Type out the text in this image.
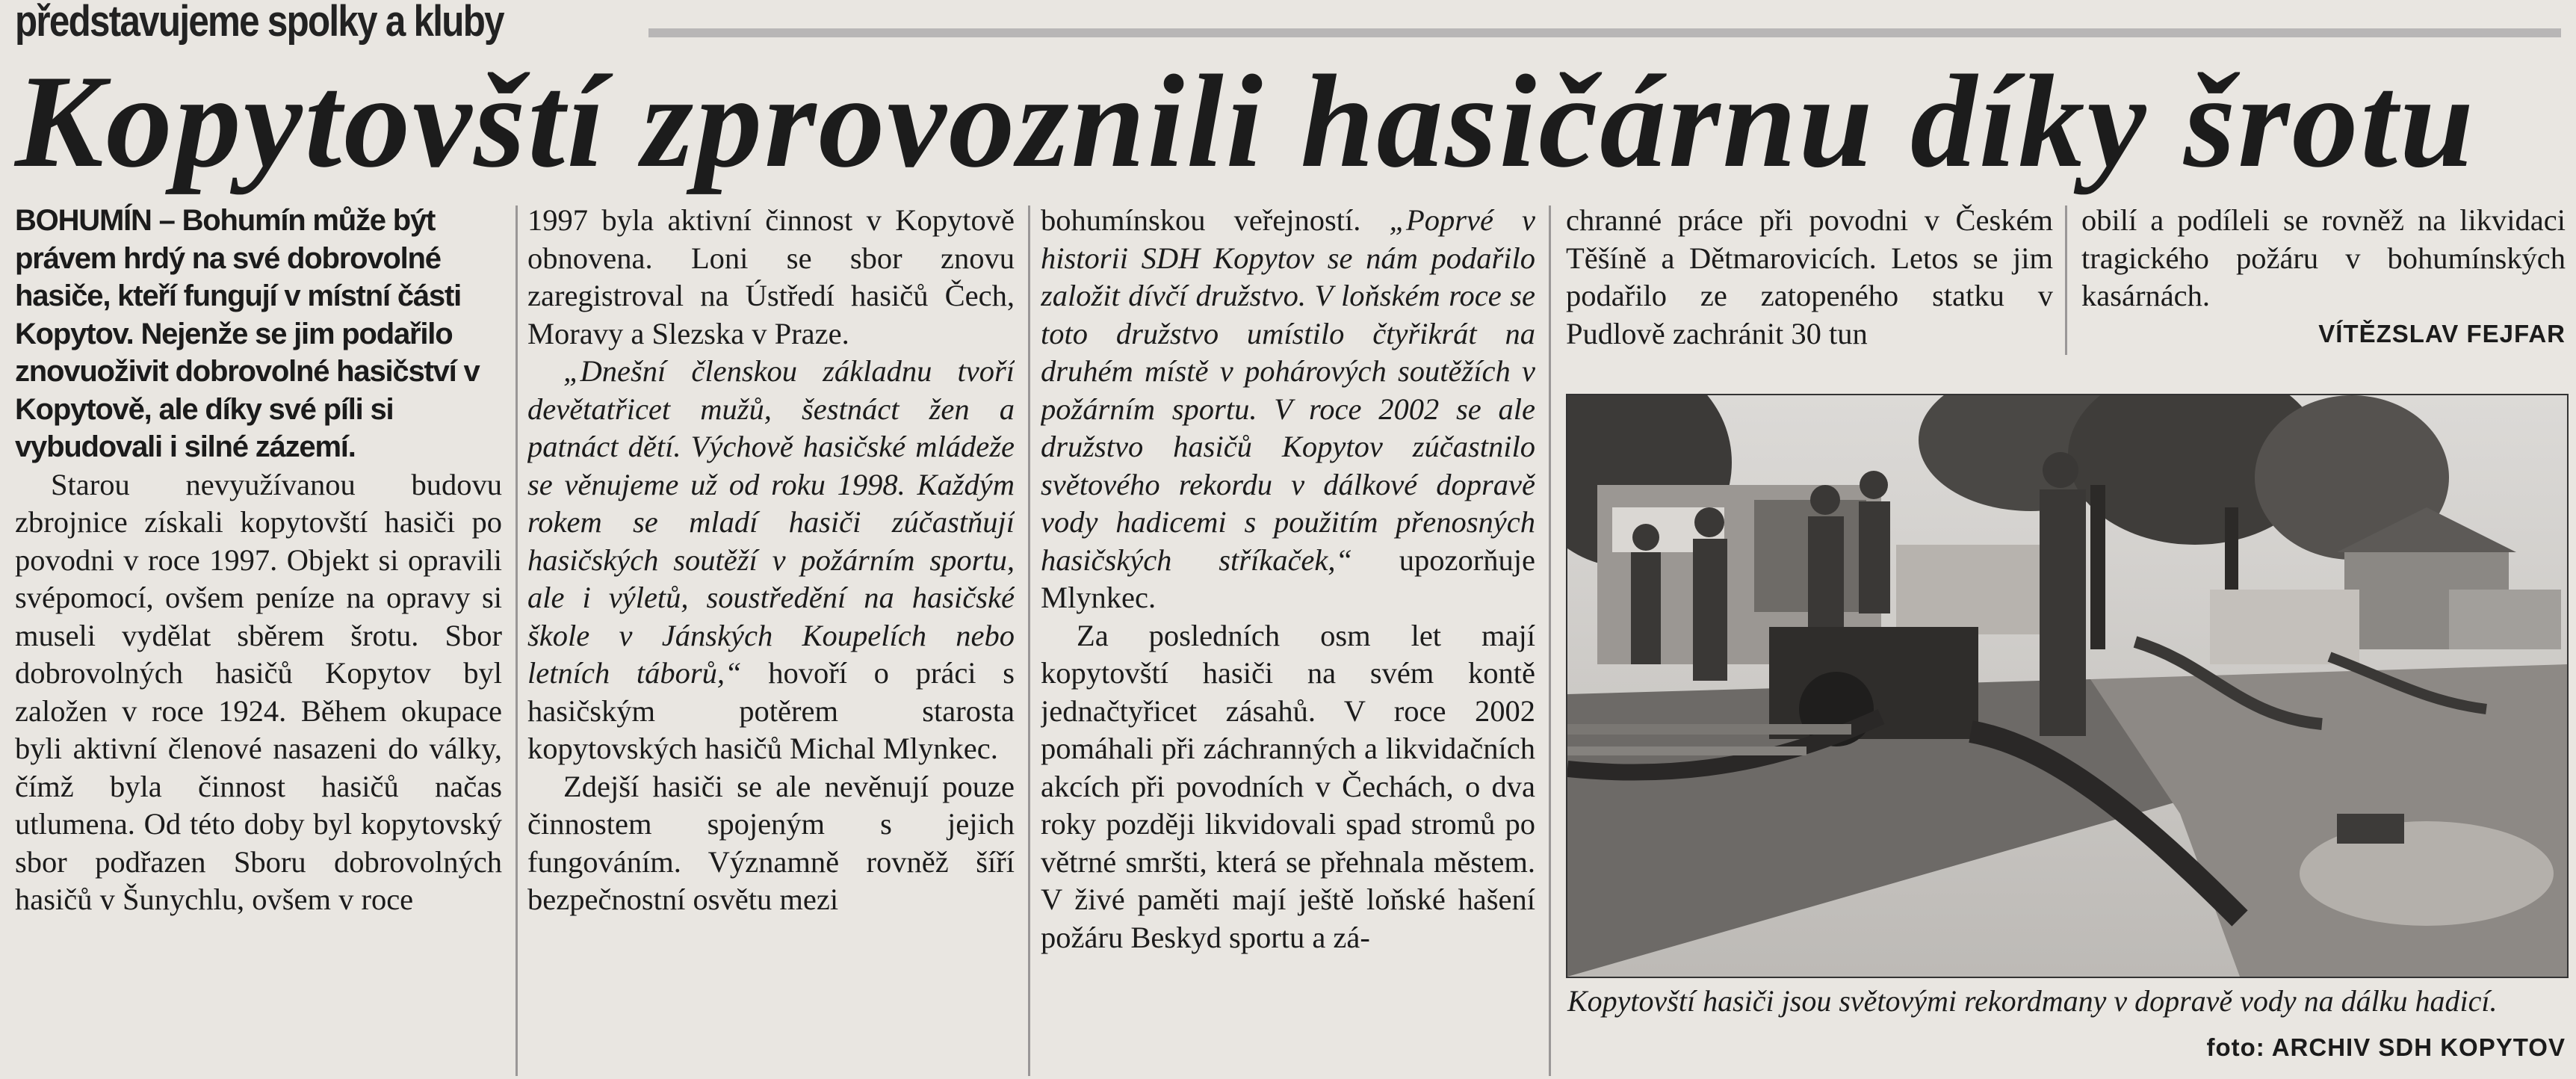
představujeme spolky a kluby
Kopytovští zprovoznili hasičárnu díky šrotu

BOHUMÍN – Bohumín může být právem hrdý na své dobrovolné hasiče, kteří fungují v místní části Kopytov. Nejenže se jim podařilo znovuoživit dobrovolné hasičství v Kopytově, ale díky své píli si vybudovali i silné zázemí.

Starou nevyužívanou budovu zbrojnice získali kopytovští hasiči po povodni v roce 1997. Objekt si opravili svépomocí, ovšem peníze na opravy si museli vydělat sběrem šrotu. Sbor dobrovolných hasičů Kopytov byl založen v roce 1924. Během okupace byli aktivní členové nasazeni do války, čímž byla činnost hasičů načas utlumena. Od této doby byl kopytovský sbor podřazen Sboru dobrovolných hasičů v Šunychlu, ovšem v roce

1997 byla aktivní činnost v Kopytově obnovena. Loni se sbor znovu zaregistroval na Ústředí hasičů Čech, Moravy a Slezska v Praze.

„Dnešní členskou základnu tvoří devětatřicet mužů, šestnáct žen a patnáct dětí. Výchově hasičské mládeže se věnujeme už od roku 1998. Každým rokem se mladí hasiči zúčastňují hasičských soutěží v požárním sportu, ale i výletů, soustředění na hasičské škole v Jánských Koupelích nebo letních táborů,“ hovoří o práci s hasičským potěrem starosta kopytovských hasičů Michal Mlynkec.

Zdejší hasiči se ale nevěnují pouze činnostem spojeným s jejich fungováním. Významně rovněž šíří bezpečnostní osvětu mezi

bohumínskou veřejností. „Poprvé v historii SDH Kopytov se nám podařilo založit dívčí družstvo. V loňském roce se toto družstvo umístilo čtyřikrát na druhém místě v pohárových soutěžích v požárním sportu. V roce 2002 se ale družstvo hasičů Kopytov zúčastnilo světového rekordu v dálkové dopravě vody hadicemi s použitím přenosných hasičských stříkaček,“ upozorňuje Mlynkec.

Za posledních osm let mají kopytovští hasiči na svém kontě jednačtyřicet zásahů. V roce 2002 pomáhali při záchranných a likvidačních akcích při povodních v Čechách, o dva roky později likvidovali spad stromů po větrné smršti, která se přehnala městem. V živé paměti mají ještě loňské hašení požáru Beskyd sportu a zá-

chranné práce při povodni v Českém Těšíně a Dětmarovicích. Letos se jim podařilo ze zatopeného statku v Pudlově zachránit 30 tun

obilí a podíleli se rovněž na likvidaci tragického požáru v bohumínských kasárnách.

VÍTĚZSLAV FEJFAR
Kopytovští hasiči jsou světovými rekordmany v dopravě vody na dálku hadicí.
foto: ARCHIV SDH KOPYTOV
